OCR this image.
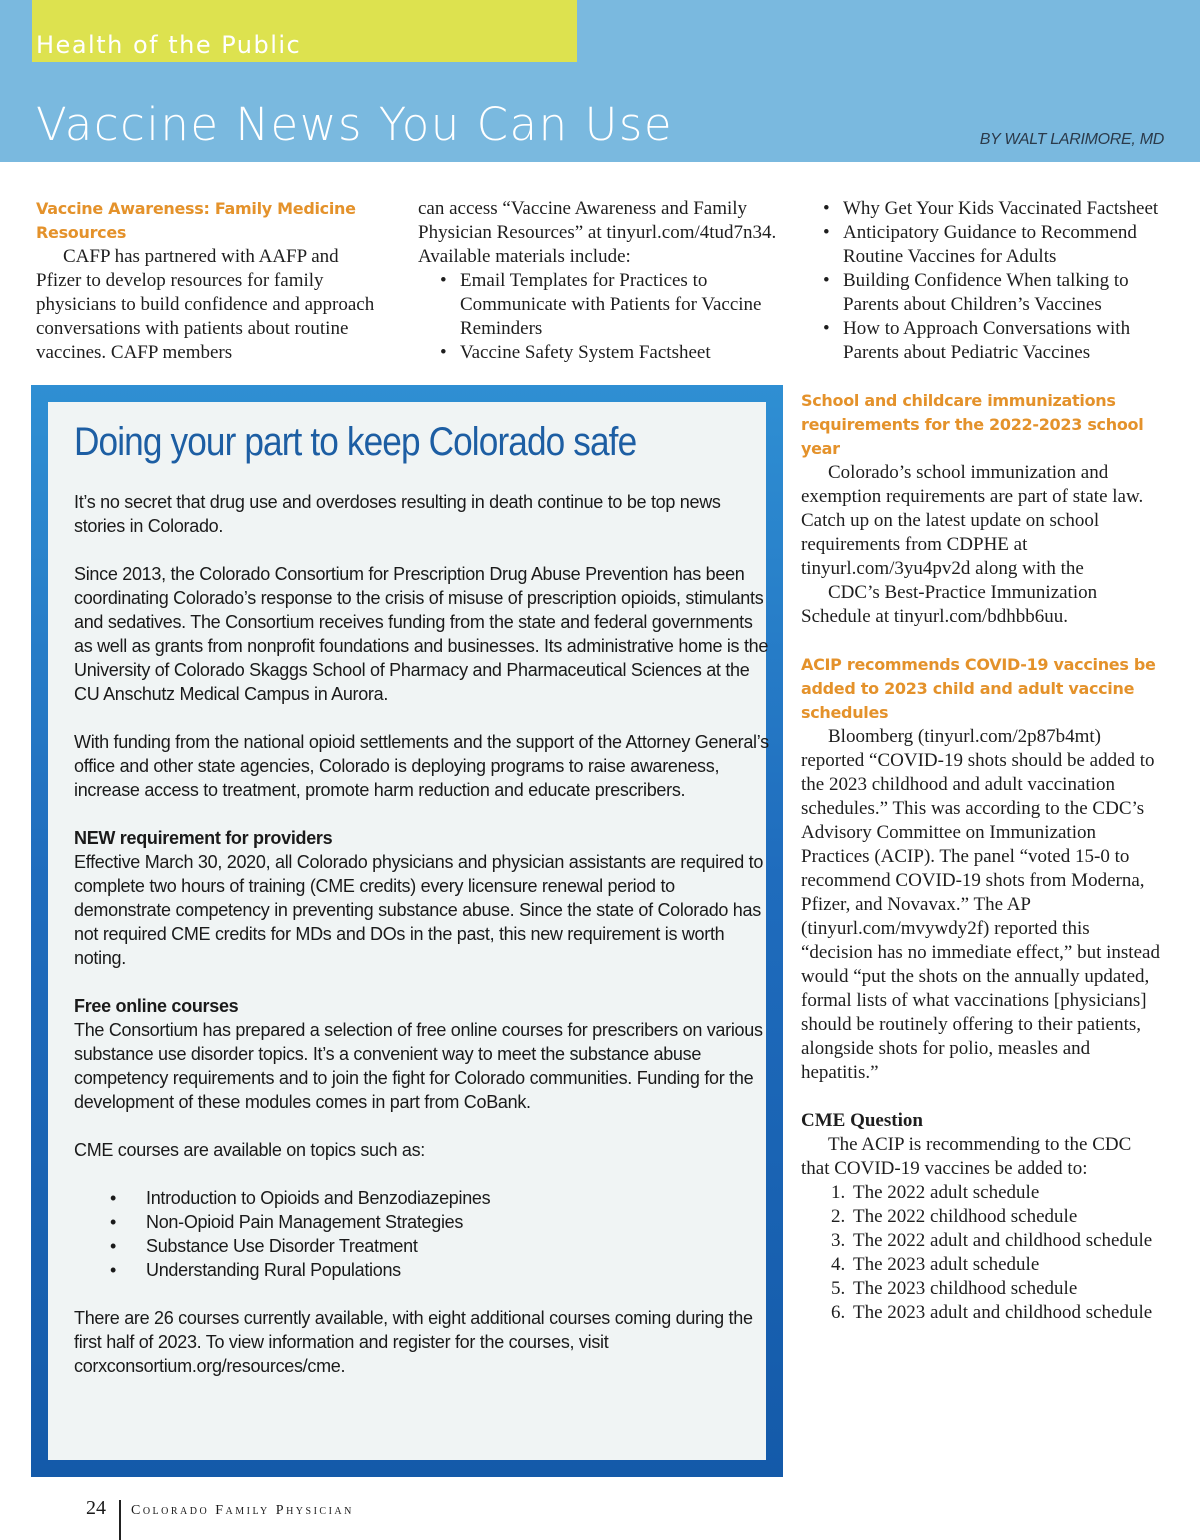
Health of the Public
Vaccine News You Can Use	BY WALT LARIMORE, MD

Vaccine Awareness: Family Medicine Resources

CAFP has partnered with AAFP and Pfizer to develop resources for family physicians to build confidence and approach conversations with patients about routine vaccines. CAFP members

can access “Vaccine Awareness and Family Physician Resources” at tinyurl.com/4tud7n34. Available materials include:

• Email Templates for Practices to Communicate with Patients for Vaccine Reminders
• Vaccine Safety System Factsheet
• Why Get Your Kids Vaccinated Factsheet
• Anticipatory Guidance to Recommend Routine Vaccines for Adults
• Building Confidence When talking to Parents about Children’s Vaccines
• How to Approach Conversations with Parents about Pediatric Vaccines

School and childcare immunizations requirements for the 2022-2023 school year

Colorado’s school immunization and exemption requirements are part of state law. Catch up on the latest update on school requirements from CDPHE at tinyurl.com/3yu4pv2d along with the

CDC’s Best-Practice Immunization Schedule at tinyurl.com/bdhbb6uu.

ACIP recommends COVID-19 vaccines be added to 2023 child and adult vaccine schedules

Bloomberg (tinyurl.com/2p87b4mt) reported “COVID-19 shots should be added to the 2023 childhood and adult vaccination schedules.” This was according to the CDC’s Advisory Committee on Immunization Practices (ACIP). The panel “voted 15-0 to recommend COVID-19 shots from Moderna, Pfizer, and Novavax.” The AP (tinyurl.com/mvywdy2f) reported this “decision has no immediate effect,” but instead would “put the shots on the annually updated, formal lists of what vaccinations [physicians] should be routinely offering to their patients, alongside shots for polio, measles and hepatitis.”

CME Question

The ACIP is recommending to the CDC that COVID-19 vaccines be added to:

1. The 2022 adult schedule
2. The 2022 childhood schedule
3. The 2022 adult and childhood schedule
4. The 2023 adult schedule
5. The 2023 childhood schedule
6. The 2023 adult and childhood schedule
Doing your part to keep Colorado safe

It’s no secret that drug use and overdoses resulting in death continue to be top news stories in Colorado.

Since 2013, the Colorado Consortium for Prescription Drug Abuse Prevention has been coordinating Colorado’s response to the crisis of misuse of prescription opioids, stimulants and sedatives. The Consortium receives funding from the state and federal governments as well as grants from nonprofit foundations and businesses. Its administrative home is the University of Colorado Skaggs School of Pharmacy and Pharmaceutical Sciences at the CU Anschutz Medical Campus in Aurora.

With funding from the national opioid settlements and the support of the Attorney General’s office and other state agencies, Colorado is deploying programs to raise awareness, increase access to treatment, promote harm reduction and educate prescribers.

NEW requirement for providers

Effective March 30, 2020, all Colorado physicians and physician assistants are required to complete two hours of training (CME credits) every licensure renewal period to demonstrate competency in preventing substance abuse. Since the state of Colorado has not required CME credits for MDs and DOs in the past, this new requirement is worth noting.

Free online courses

The Consortium has prepared a selection of free online courses for prescribers on various substance use disorder topics. It’s a convenient way to meet the substance abuse competency requirements and to join the fight for Colorado communities. Funding for the development of these modules comes in part from CoBank.

CME courses are available on topics such as:

• Introduction to Opioids and Benzodiazepines
• Non-Opioid Pain Management Strategies
• Substance Use Disorder Treatment
• Understanding Rural Populations

There are 26 courses currently available, with eight additional courses coming during the first half of 2023. To view information and register for the courses, visit corxconsortium.org/resources/cme.

24 Colorado Family Physician
